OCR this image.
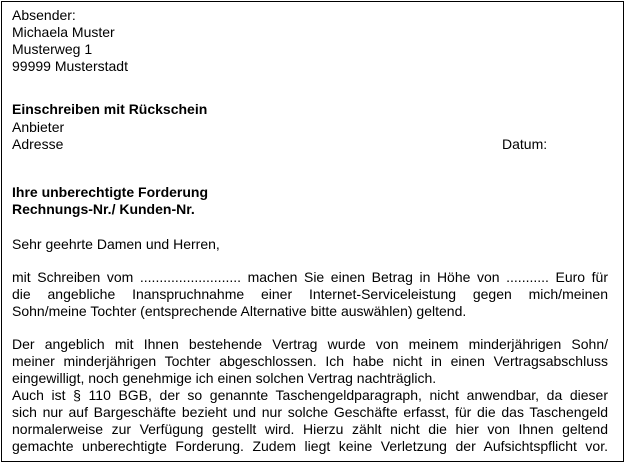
Absender:
Michaela Muster
Musterweg 1
99999 Musterstadt
Einschreiben mit Rückschein
Anbieter
Adresse	Datum:
Ihre unberechtigte Forderung
Rechnungs-Nr./ Kunden-Nr.
Sehr geehrte Damen und Herren,
mit Schreiben vom .......................... machen Sie einen Betrag in Höhe von ........... Euro für
die angebliche Inanspruchnahme einer Internet-Serviceleistung gegen mich/meinen
Sohn/meine Tochter (entsprechende Alternative bitte auswählen) geltend.
Der angeblich mit Ihnen bestehende Vertrag wurde von meinem minderjährigen Sohn/
meiner minderjährigen Tochter abgeschlossen. Ich habe nicht in einen Vertragsabschluss
eingewilligt, noch genehmige ich einen solchen Vertrag nachträglich.
Auch ist § 110 BGB, der so genannte Taschengeldparagraph, nicht anwendbar, da dieser
sich nur auf Bargeschäfte bezieht und nur solche Geschäfte erfasst, für die das Taschengeld
normalerweise zur Verfügung gestellt wird. Hierzu zählt nicht die hier von Ihnen geltend
gemachte unberechtigte Forderung. Zudem liegt keine Verletzung der Aufsichtspflicht vor.
